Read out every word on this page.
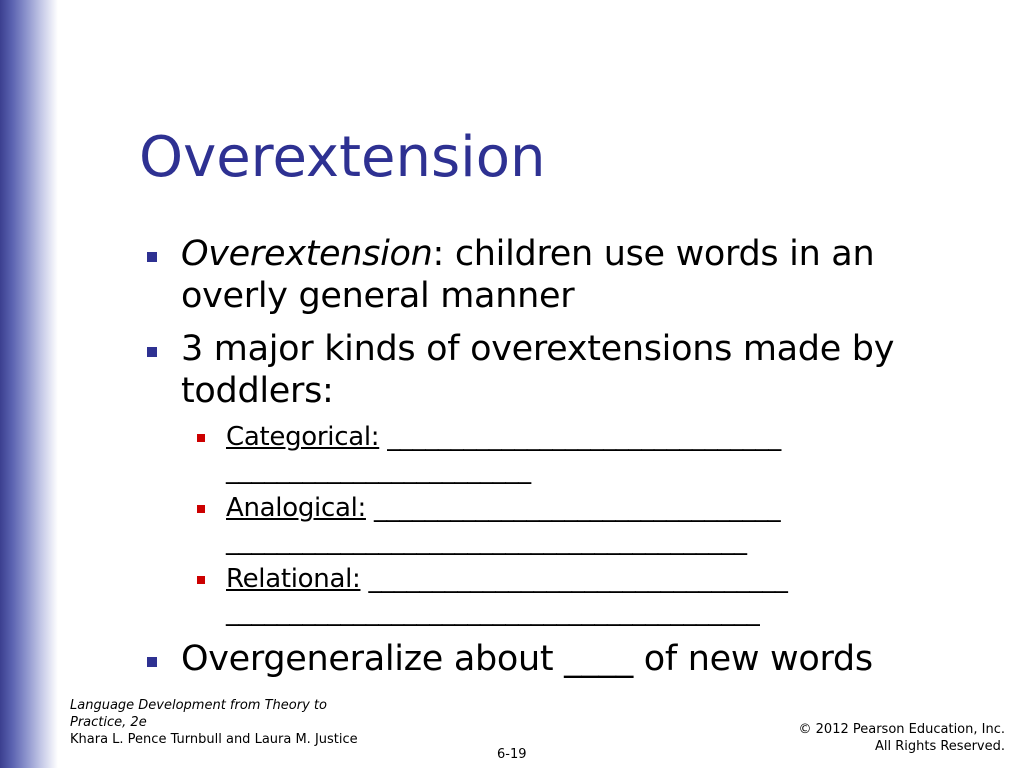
Overextension
Overextension: children use words in an
overly general manner
3 major kinds of overextensions made by
toddlers:
Categorical: _______________________________
________________________
Analogical: ________________________________
_________________________________________
Relational: _________________________________
__________________________________________
Overgeneralize about ____ of new words
Language Development from Theory to
Practice, 2e
Khara L. Pence Turnbull and Laura M. Justice
© 2012 Pearson Education, Inc.
All Rights Reserved.
6-19
